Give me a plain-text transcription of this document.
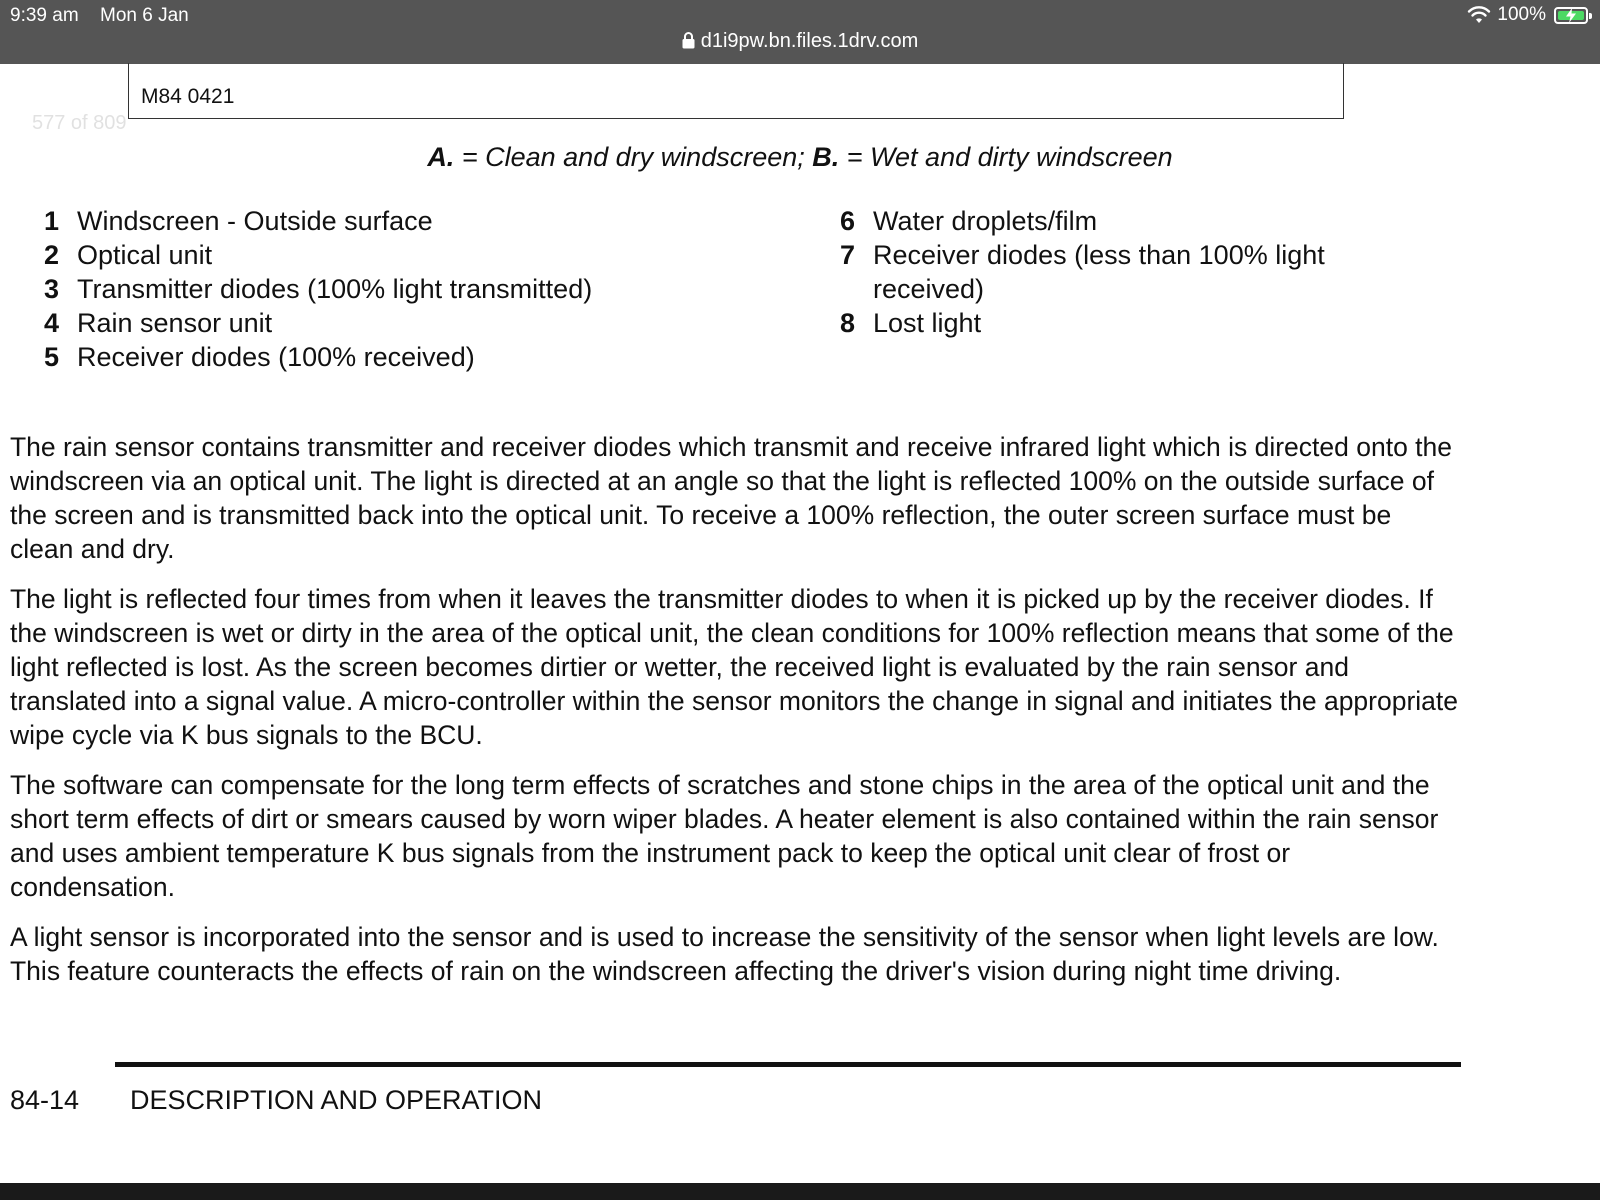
9:39 am Mon 6 Jan	100%
d1i9pw.bn.files.1drv.com
M84 0421
577 of 809
A. = Clean and dry windscreen; B. = Wet and dirty windscreen
1 Windscreen - Outside surface
2 Optical unit
3 Transmitter diodes (100% light transmitted)
4 Rain sensor unit
5 Receiver diodes (100% received)
6 Water droplets/film
7 Receiver diodes (less than 100% light received)
8 Lost light

The rain sensor contains transmitter and receiver diodes which transmit and receive infrared light which is directed onto the windscreen via an optical unit. The light is directed at an angle so that the light is reflected 100% on the outside surface of the screen and is transmitted back into the optical unit. To receive a 100% reflection, the outer screen surface must be clean and dry.

The light is reflected four times from when it leaves the transmitter diodes to when it is picked up by the receiver diodes. If the windscreen is wet or dirty in the area of the optical unit, the clean conditions for 100% reflection means that some of the light reflected is lost. As the screen becomes dirtier or wetter, the received light is evaluated by the rain sensor and translated into a signal value. A micro-controller within the sensor monitors the change in signal and initiates the appropriate wipe cycle via K bus signals to the BCU.

The software can compensate for the long term effects of scratches and stone chips in the area of the optical unit and the short term effects of dirt or smears caused by worn wiper blades. A heater element is also contained within the rain sensor and uses ambient temperature K bus signals from the instrument pack to keep the optical unit clear of frost or condensation.

A light sensor is incorporated into the sensor and is used to increase the sensitivity of the sensor when light levels are low. This feature counteracts the effects of rain on the windscreen affecting the driver's vision during night time driving.

84-14 DESCRIPTION AND OPERATION
